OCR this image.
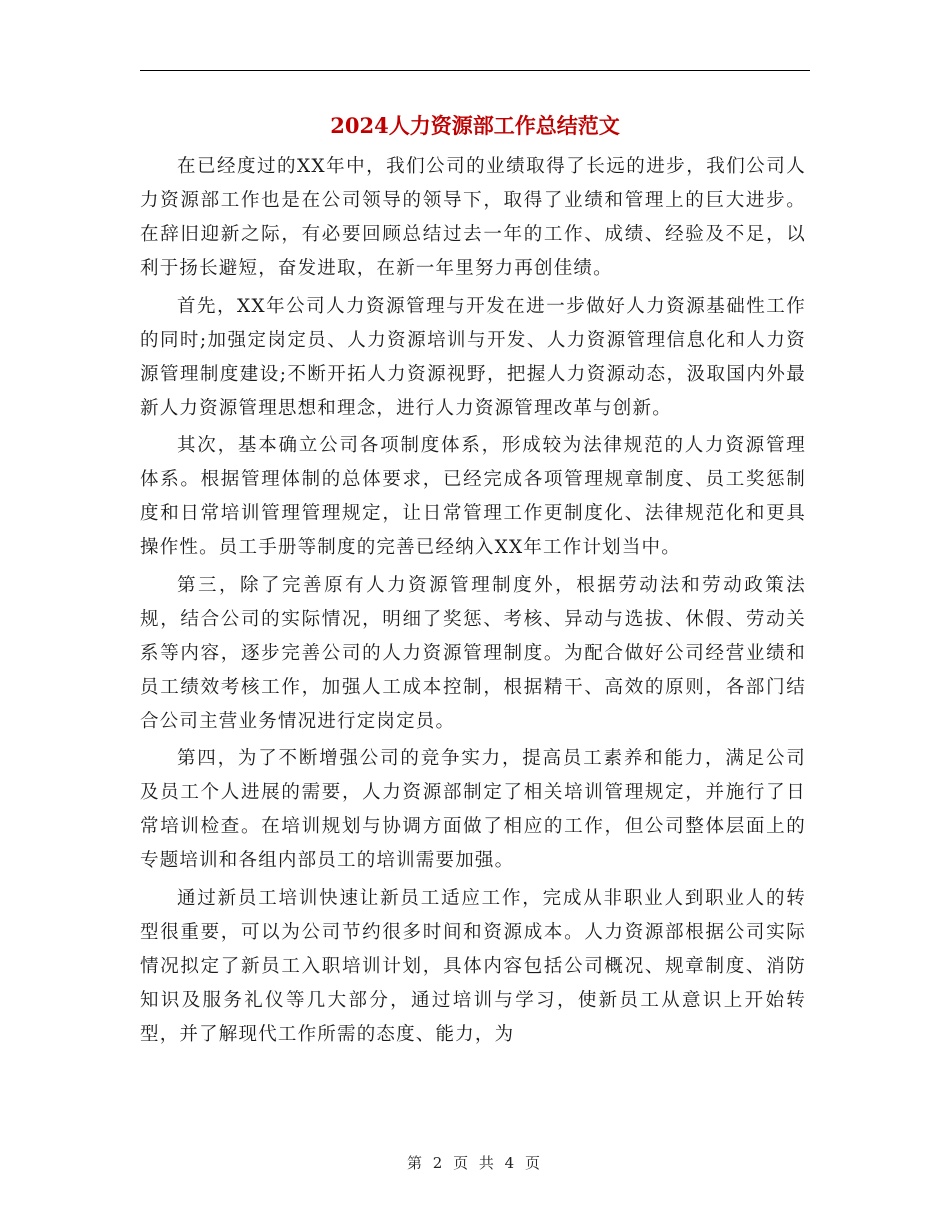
2024人力资源部工作总结范文

在已经度过的XX年中，我们公司的业绩取得了长远的进步，我们公司人力资源部工作也是在公司领导的领导下，取得了业绩和管理上的巨大进步。在辞旧迎新之际，有必要回顾总结过去一年的工作、成绩、经验及不足，以利于扬长避短，奋发进取，在新一年里努力再创佳绩。

首先，XX年公司人力资源管理与开发在进一步做好人力资源基础性工作的同时;加强定岗定员、人力资源培训与开发、人力资源管理信息化和人力资源管理制度建设;不断开拓人力资源视野，把握人力资源动态，汲取国内外最新人力资源管理思想和理念，进行人力资源管理改革与创新。

其次，基本确立公司各项制度体系，形成较为法律规范的人力资源管理体系。根据管理体制的总体要求，已经完成各项管理规章制度、员工奖惩制度和日常培训管理管理规定，让日常管理工作更制度化、法律规范化和更具操作性。员工手册等制度的完善已经纳入XX年工作计划当中。

第三，除了完善原有人力资源管理制度外，根据劳动法和劳动政策法规，结合公司的实际情况，明细了奖惩、考核、异动与选拔、休假、劳动关系等内容，逐步完善公司的人力资源管理制度。为配合做好公司经营业绩和员工绩效考核工作，加强人工成本控制，根据精干、高效的原则，各部门结合公司主营业务情况进行定岗定员。

第四，为了不断增强公司的竞争实力，提高员工素养和能力，满足公司及员工个人进展的需要，人力资源部制定了相关培训管理规定，并施行了日常培训检查。在培训规划与协调方面做了相应的工作，但公司整体层面上的专题培训和各组内部员工的培训需要加强。

通过新员工培训快速让新员工适应工作，完成从非职业人到职业人的转型很重要，可以为公司节约很多时间和资源成本。人力资源部根据公司实际情况拟定了新员工入职培训计划，具体内容包括公司概况、规章制度、消防知识及服务礼仪等几大部分，通过培训与学习，使新员工从意识上开始转型，并了解现代工作所需的态度、能力，为

第 2 页 共 4 页
